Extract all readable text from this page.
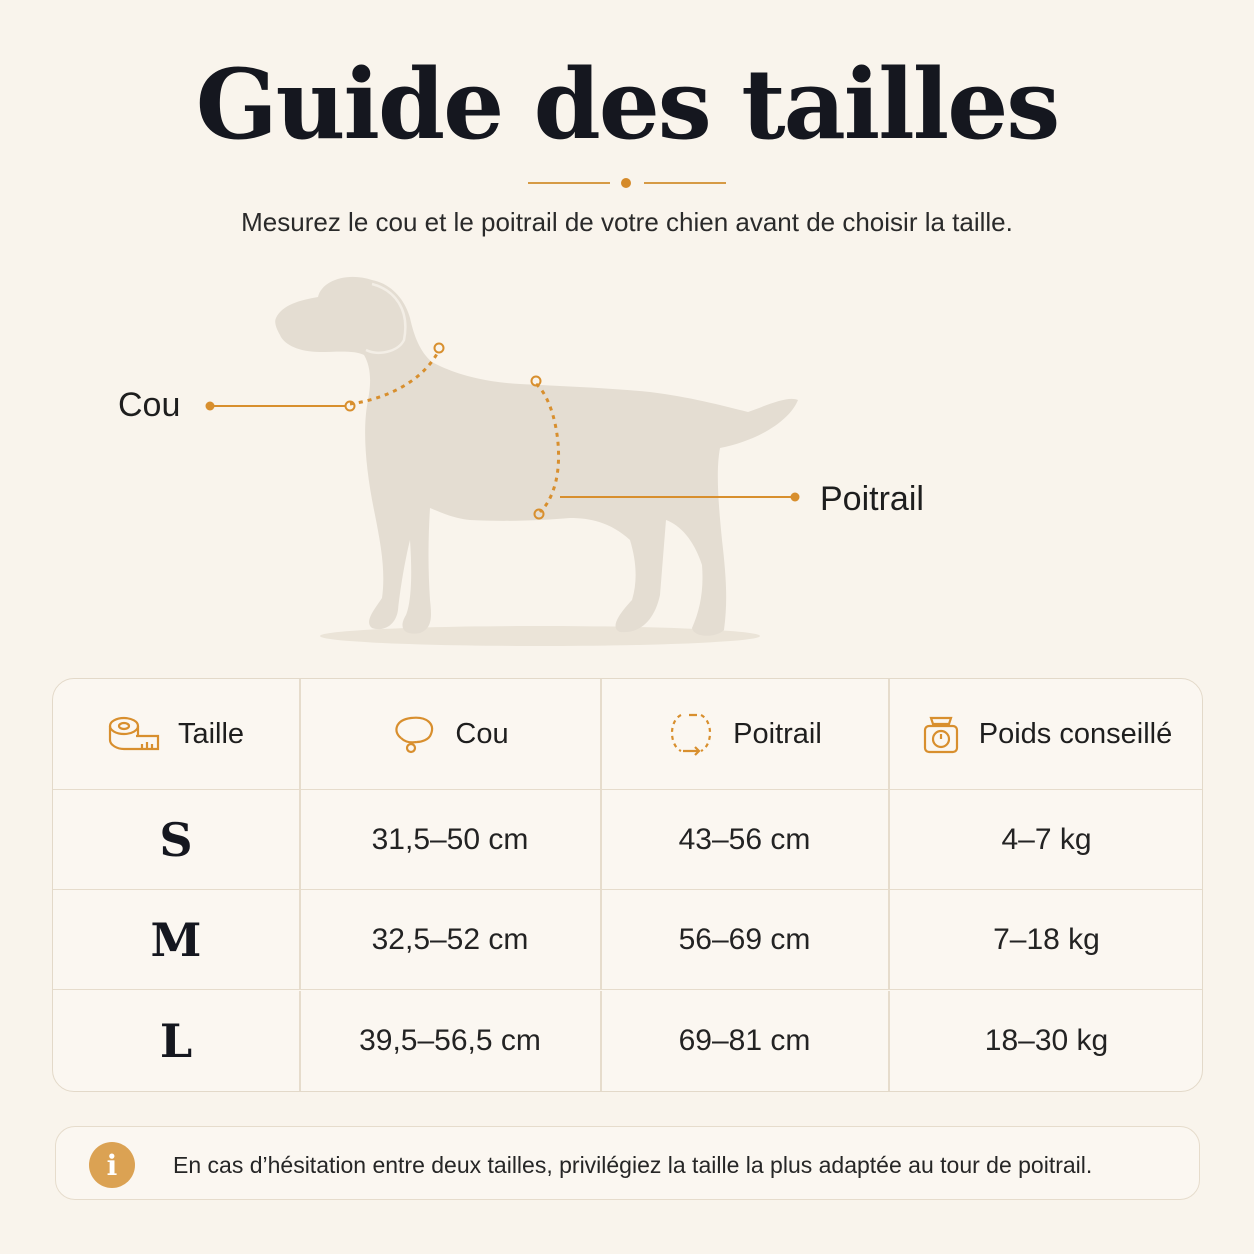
Guide des tailles
Mesurez le cou et le poitrail de votre chien avant de choisir la taille.
Cou
Poitrail
Taille	Cou	Poitrail	Poids conseillé
S	31,5–50 cm	43–56 cm	4–7 kg
M	32,5–52 cm	56–69 cm	7–18 kg
L	39,5–56,5 cm	69–81 cm	18–30 kg
i	En cas d’hésitation entre deux tailles, privilégiez la taille la plus adaptée au tour de poitrail.
